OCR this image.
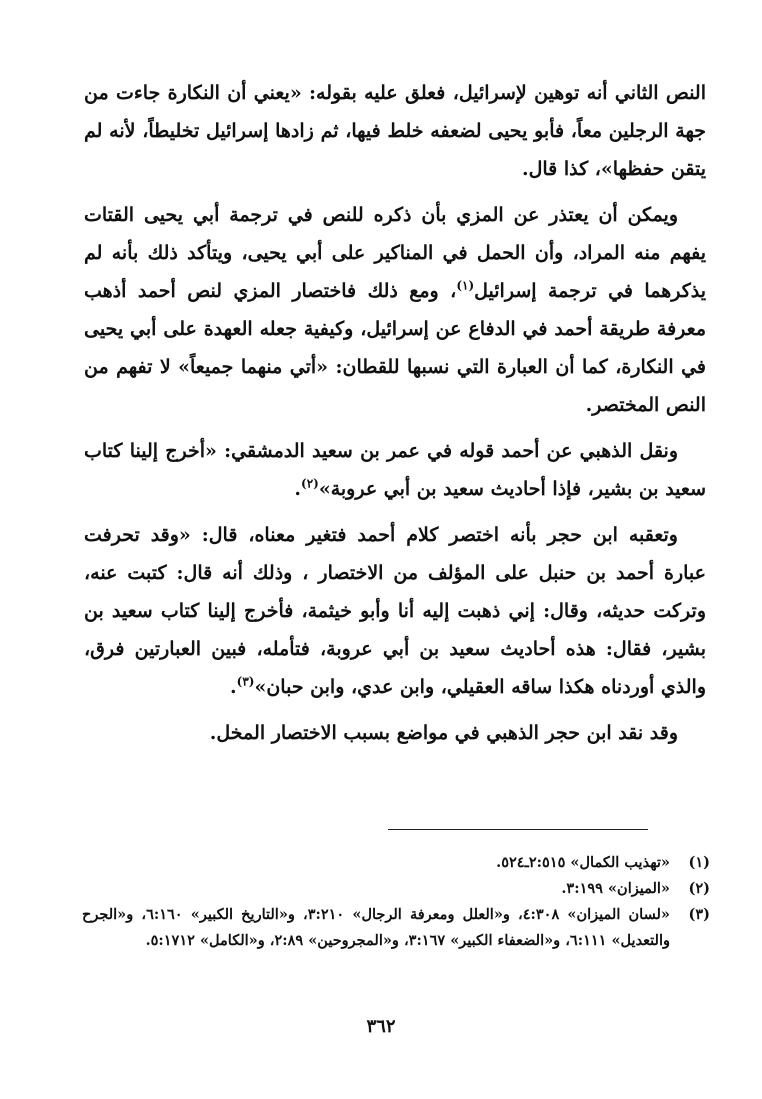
النص الثاني أنه توهين لإسرائيل، فعلق عليه بقوله: «يعني أن النكارة جاءت من جهة الرجلين معاً، فأبو يحيى لضعفه خلط فيها، ثم زادها إسرائيل تخليطاً، لأنه لم يتقن حفظها»، كذا قال.

ويمكن أن يعتذر عن المزي بأن ذكره للنص في ترجمة أبي يحيى القتات يفهم منه المراد، وأن الحمل في المناكير على أبي يحيى، ويتأكد ذلك بأنه لم يذكرهما في ترجمة إسرائيل$^{(١)}$، ومع ذلك فاختصار المزي لنص أحمد أذهب معرفة طريقة أحمد في الدفاع عن إسرائيل، وكيفية جعله العهدة على أبي يحيى في النكارة، كما أن العبارة التي نسبها للقطان: «أتي منهما جميعاً» لا تفهم من النص المختصر.

ونقل الذهبي عن أحمد قوله في عمر بن سعيد الدمشقي: «أخرج إلينا كتاب سعيد بن بشير، فإذا أحاديث سعيد بن أبي عروبة»$^{(٢)}$.

وتعقبه ابن حجر بأنه اختصر كلام أحمد فتغير معناه، قال: «وقد تحرفت عبارة أحمد بن حنبل على المؤلف من الاختصار ، وذلك أنه قال: كتبت عنه، وتركت حديثه، وقال: إني ذهبت إليه أنا وأبو خيثمة، فأخرج إلينا كتاب سعيد بن بشير، فقال: هذه أحاديث سعيد بن أبي عروبة، فتأمله، فبين العبارتين فرق، والذي أوردناه هكذا ساقه العقيلي، وابن عدي، وابن حبان»$^{(٣)}$.

وقد نقد ابن حجر الذهبي في مواضع بسبب الاختصار المخل.

(١)
«تهذيب الكمال» ٢:٥١٥ـ٥٢٤.
(٢)
«الميزان» ٣:١٩٩.
(٣)
«لسان الميزان» ٤:٣٠٨، و«العلل ومعرفة الرجال» ٣:٢١٠، و«التاريخ الكبير» ٦:١٦٠، و«الجرح والتعديل» ٦:١١١، و«الضعفاء الكبير» ٣:١٦٧، و«المجروحين» ٢:٨٩، و«الكامل» ٥:١٧١٢.
٣٦٢
